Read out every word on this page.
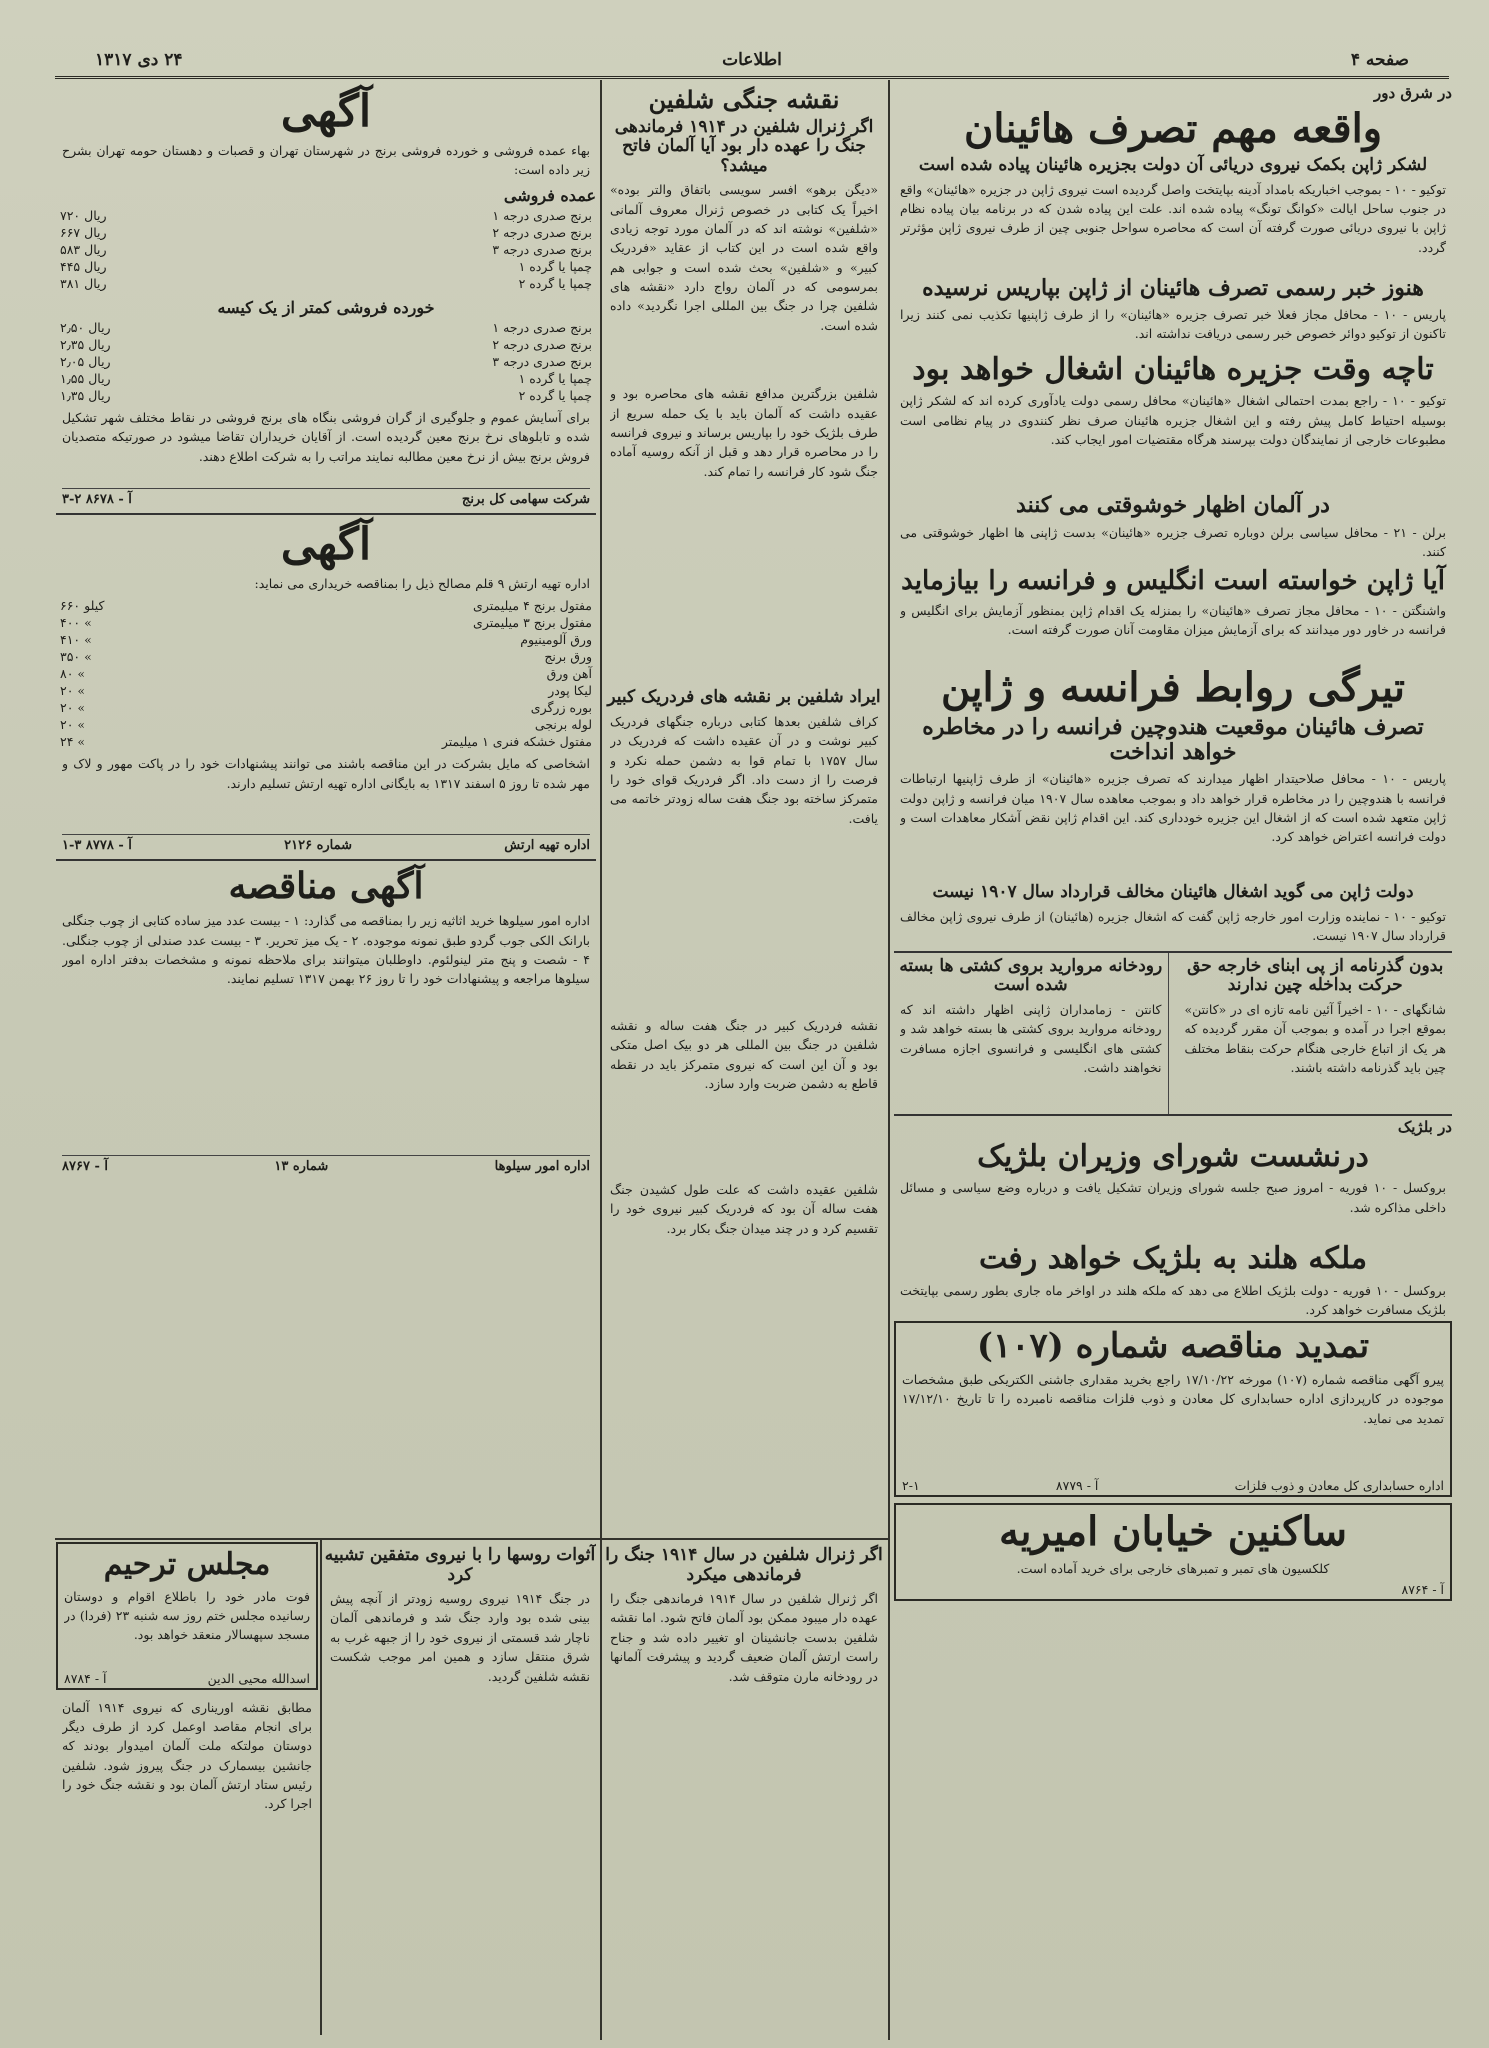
صفحه ۴
اطلاعات
۲۴ دی ۱۳۱۷
در شرق دور
واقعه مهم تصرف هائینان
لشکر ژاپن بکمک نیروی دریائی آن دولت بجزیره هائینان پیاده شده است
توکیو - ۱۰ - بموجب اخباریکه بامداد آدینه بپایتخت واصل گردیده است نیروی ژاپن در جزیره «هائینان» واقع در جنوب ساحل ایالت «کوانگ تونگ» پیاده شده اند. علت این پیاده شدن که در برنامه بیان پیاده نظام ژاپن با نیروی دریائی صورت گرفته آن است که محاصره سواحل جنوبی چین از طرف نیروی ژاپن مؤثرتر گردد.
هنوز خبر رسمی تصرف هائینان از ژاپن بپاریس نرسیده
پاریس - ۱۰ - محافل مجاز فعلا خبر تصرف جزیره «هائینان» را از طرف ژاپنیها تکذیب نمی کنند زیرا تاکنون از توکیو دوائر خصوص خبر رسمی دریافت نداشته اند.
تاچه وقت جزیره هائینان اشغال خواهد بود
توکیو - ۱۰ - راجع بمدت احتمالی اشغال «هائینان» محافل رسمی دولت یادآوری کرده اند که لشکر ژاپن بوسیله احتیاط کامل پیش رفته و این اشغال جزیره هائینان صرف نظر کنندوی در پیام نظامی است مطبوعات خارجی از نمایندگان دولت بپرسند هرگاه مقتضیات امور ایجاب کند.
در آلمان اظهار خوشوقتی می کنند
برلن - ۲۱ - محافل سیاسی برلن دوباره تصرف جزیره «هائینان» بدست ژاپنی ها اظهار خوشوقتی می کنند.
آیا ژاپن خواسته است انگلیس و فرانسه را بیازماید
واشنگتن - ۱۰ - محافل مجاز تصرف «هائینان» را بمنزله یک اقدام ژاپن بمنظور آزمایش برای انگلیس و فرانسه در خاور دور میدانند که برای آزمایش میزان مقاومت آنان صورت گرفته است.
تیرگی روابط فرانسه و ژاپن
تصرف هائینان موقعیت هندوچین فرانسه را در مخاطره خواهد انداخت
پاریس - ۱۰ - محافل صلاحیتدار اظهار میدارند که تصرف جزیره «هائینان» از طرف ژاپنیها ارتباطات فرانسه با هندوچین را در مخاطره قرار خواهد داد و بموجب معاهده سال ۱۹۰۷ میان فرانسه و ژاپن دولت ژاپن متعهد شده است که از اشغال این جزیره خودداری کند. این اقدام ژاپن نقض آشکار معاهدات است و دولت فرانسه اعتراض خواهد کرد.
دولت ژاپن می گوید اشغال هائینان مخالف قرارداد سال ۱۹۰۷ نیست
توکیو - ۱۰ - نماینده وزارت امور خارجه ژاپن گفت که اشغال جزیره (هائینان) از طرف نیروی ژاپن مخالف قرارداد سال ۱۹۰۷ نیست.
بدون گذرنامه از پی ابنای خارجه حق حرکت بداخله چین ندارند
شانگهای - ۱۰ - اخیراً آئین نامه تازه ای در «کانتن» بموقع اجرا در آمده و بموجب آن مقرر گردیده که هر یک از اتباع خارجی هنگام حرکت بنقاط مختلف چین باید گذرنامه داشته باشند.
رودخانه مروارید بروی کشتی ها بسته شده است
کانتن - زمامداران ژاپنی اظهار داشته اند که رودخانه مروارید بروی کشتی ها بسته خواهد شد و کشتی های انگلیسی و فرانسوی اجازه مسافرت نخواهند داشت.
در بلژیک
درنشست شورای وزیران بلژیک
بروکسل - ۱۰ فوریه - امروز صبح جلسه شورای وزیران تشکیل یافت و درباره وضع سیاسی و مسائل داخلی مذاکره شد.
ملکه هلند به بلژیک خواهد رفت
بروکسل - ۱۰ فوریه - دولت بلژیک اطلاع می دهد که ملکه هلند در اواخر ماه جاری بطور رسمی بپایتخت بلژیک مسافرت خواهد کرد.
تمدید مناقصه شماره (۱۰۷)
پیرو آگهی مناقصه شماره (۱۰۷) مورخه ۱۷/۱۰/۲۲ راجع بخرید مقداری جاشنی الکتریکی طبق مشخصات موجوده در کارپردازی اداره حسابداری کل معادن و ذوب فلزات مناقصه نامبرده را تا تاریخ ۱۷/۱۲/۱۰ تمدید می نماید.
اداره حسابداری کل معادن و ذوب فلزات
آ - ۸۷۷۹
۲-۱
ساکنین خیابان امیریه
کلکسیون های تمبر و تمبرهای خارجی برای خرید آماده است.
آ - ۸۷۶۴
نقشه جنگی شلفین
اگر ژنرال شلفین در ۱۹۱۴ فرماندهی جنگ را عهده دار بود آیا آلمان فاتح میشد؟
«دیگن برهو» افسر سویسی باتفاق والتر بوده» اخیراً یک کتابی در خصوص ژنرال معروف آلمانی «شلفین» نوشته اند که در آلمان مورد توجه زیادی واقع شده است در این کتاب از عقاید «فردریک کبیر» و «شلفین» بحث شده است و جوابی هم بمرسومی که در آلمان رواج دارد «نقشه های شلفین چرا در جنگ بین المللی اجرا نگردید» داده شده است.
شلفین بزرگترین مدافع نقشه های محاصره بود و عقیده داشت که آلمان باید با یک حمله سریع از طرف بلژیک خود را بپاریس برساند و نیروی فرانسه را در محاصره قرار دهد و قبل از آنکه روسیه آماده جنگ شود کار فرانسه را تمام کند.
ایراد شلفین بر نقشه های فردریک کبیر
کراف شلفین بعدها کتابی درباره جنگهای فردریک کبیر نوشت و در آن عقیده داشت که فردریک در سال ۱۷۵۷ با تمام قوا به دشمن حمله نکرد و فرصت را از دست داد. اگر فردریک قوای خود را متمرکز ساخته بود جنگ هفت ساله زودتر خاتمه می یافت.
نقشه فردریک کبیر در جنگ هفت ساله و نقشه شلفین در جنگ بین المللی هر دو بیک اصل متکی بود و آن این است که نیروی متمرکز باید در نقطه قاطع به دشمن ضربت وارد سازد.
شلفین عقیده داشت که علت طول کشیدن جنگ هفت ساله آن بود که فردریک کبیر نیروی خود را تقسیم کرد و در چند میدان جنگ بکار برد.
اگر ژنرال شلفین در سال ۱۹۱۴ جنگ را فرماندهی میکرد
اگر ژنرال شلفین در سال ۱۹۱۴ فرماندهی جنگ را عهده دار میبود ممکن بود آلمان فاتح شود. اما نقشه شلفین بدست جانشینان او تغییر داده شد و جناح راست ارتش آلمان ضعیف گردید و پیشرفت آلمانها در رودخانه مارن متوقف شد.
آثوات روسها را با نیروی متفقین تشبیه کرد
در جنگ ۱۹۱۴ نیروی روسیه زودتر از آنچه پیش بینی شده بود وارد جنگ شد و فرماندهی آلمان ناچار شد قسمتی از نیروی خود را از جبهه غرب به شرق منتقل سازد و همین امر موجب شکست نقشه شلفین گردید.
آگهی
بهاء عمده فروشی و خورده فروشی برنج در شهرستان تهران و قصبات و دهستان حومه تهران بشرح زیر داده است:
عمده فروشی
برنج صدری درجه ۱	۷۲۰ ریال
برنج صدری درجه ۲	۶۶۷ ریال
برنج صدری درجه ۳	۵۸۳ ریال
چمپا یا گرده ۱	۴۴۵ ریال
چمپا یا گرده ۲	۳۸۱ ریال
خورده فروشی کمتر از یک کیسه
برنج صدری درجه ۱	۲٫۵۰ ریال
برنج صدری درجه ۲	۲٫۳۵ ریال
برنج صدری درجه ۳	۲٫۰۵ ریال
چمپا یا گرده ۱	۱٫۵۵ ریال
چمپا یا گرده ۲	۱٫۳۵ ریال
برای آسایش عموم و جلوگیری از گران فروشی بنگاه های برنج فروشی در نقاط مختلف شهر تشکیل شده و تابلوهای نرخ برنج معین گردیده است. از آقایان خریداران تقاضا میشود در صورتیکه متصدیان فروش برنج بیش از نرخ معین مطالبه نمایند مراتب را به شرکت اطلاع دهند.
شرکت سهامی کل برنج
آ - ۸۶۷۸ ۲-۳
آگهی
اداره تهیه ارتش ۹ قلم مصالح ذیل را بمناقصه خریداری می نماید:
مفتول برنج ۴ میلیمتری	۶۶۰ کیلو
مفتول برنج ۳ میلیمتری	۴۰۰ «
ورق آلومینیوم	۴۱۰ «
ورق برنج	۳۵۰ «
آهن ورق	۸۰ «
لیکا پودر	۲۰ «
بوره زرگری	۲۰ «
لوله برنجی	۲۰ «
مفتول خشکه فنری ۱ میلیمتر	۲۴ «
اشخاصی که مایل بشرکت در این مناقصه باشند می توانند پیشنهادات خود را در پاکت مهور و لاک و مهر شده تا روز ۵ اسفند ۱۳۱۷ به بایگانی اداره تهیه ارتش تسلیم دارند.
اداره تهیه ارتش
شماره ۲۱۲۶
آ - ۸۷۷۸ ۳-۱
آگهی مناقصه
اداره امور سیلوها خرید اثاثیه زیر را بمناقصه می گذارد: ۱ - بیست عدد میز ساده کتابی از چوب جنگلی بارانک الکی جوب گردو طبق نمونه موجوده. ۲ - یک میز تحریر. ۳ - بیست عدد صندلی از چوب جنگلی. ۴ - شصت و پنج متر لینولئوم. داوطلبان میتوانند برای ملاحظه نمونه و مشخصات بدفتر اداره امور سیلوها مراجعه و پیشنهادات خود را تا روز ۲۶ بهمن ۱۳۱۷ تسلیم نمایند.
اداره امور سیلوها
شماره ۱۳
آ - ۸۷۶۷
مجلس ترحیم
فوت مادر خود را باطلاع اقوام و دوستان رسانیده مجلس ختم روز سه شنبه ۲۳ (فردا) در مسجد سپهسالار منعقد خواهد بود.
اسدالله محیی الدین
آ - ۸۷۸۴
مطابق نقشه اوریناری که نیروی ۱۹۱۴ آلمان برای انجام مقاصد اوعمل کرد از طرف دیگر دوستان مولتکه ملت آلمان امیدوار بودند که جانشین بیسمارک در جنگ پیروز شود. شلفین رئیس ستاد ارتش آلمان بود و نقشه جنگ خود را اجرا کرد.
